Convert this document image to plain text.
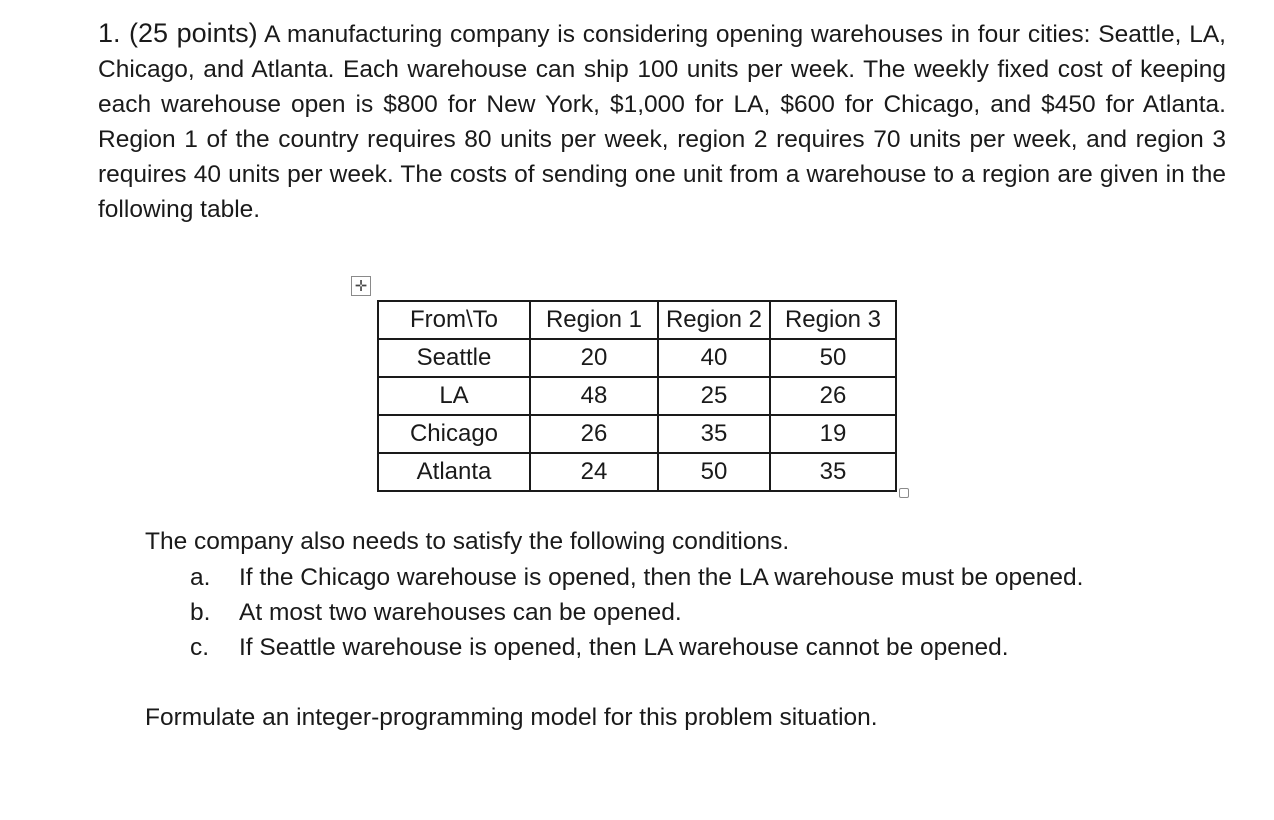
1. (25 points) A manufacturing company is considering opening warehouses in four cities: Seattle, LA, Chicago, and Atlanta. Each warehouse can ship 100 units per week. The weekly fixed cost of keeping each warehouse open is $800 for New York, $1,000 for LA, $600 for Chicago, and $450 for Atlanta. Region 1 of the country requires 80 units per week, region 2 requires 70 units per week, and region 3 requires 40 units per week. The costs of sending one unit from a warehouse to a region are given in the following table.

✛
From\To	Region 1	Region 2	Region 3
Seattle	20	40	50
LA	48	25	26
Chicago	26	35	19
Atlanta	24	50	35

The company also needs to satisfy the following conditions.

a.	If the Chicago warehouse is opened, then the LA warehouse must be opened.
b.	At most two warehouses can be opened.
c.	If Seattle warehouse is opened, then LA warehouse cannot be opened.

Formulate an integer-programming model for this problem situation.
